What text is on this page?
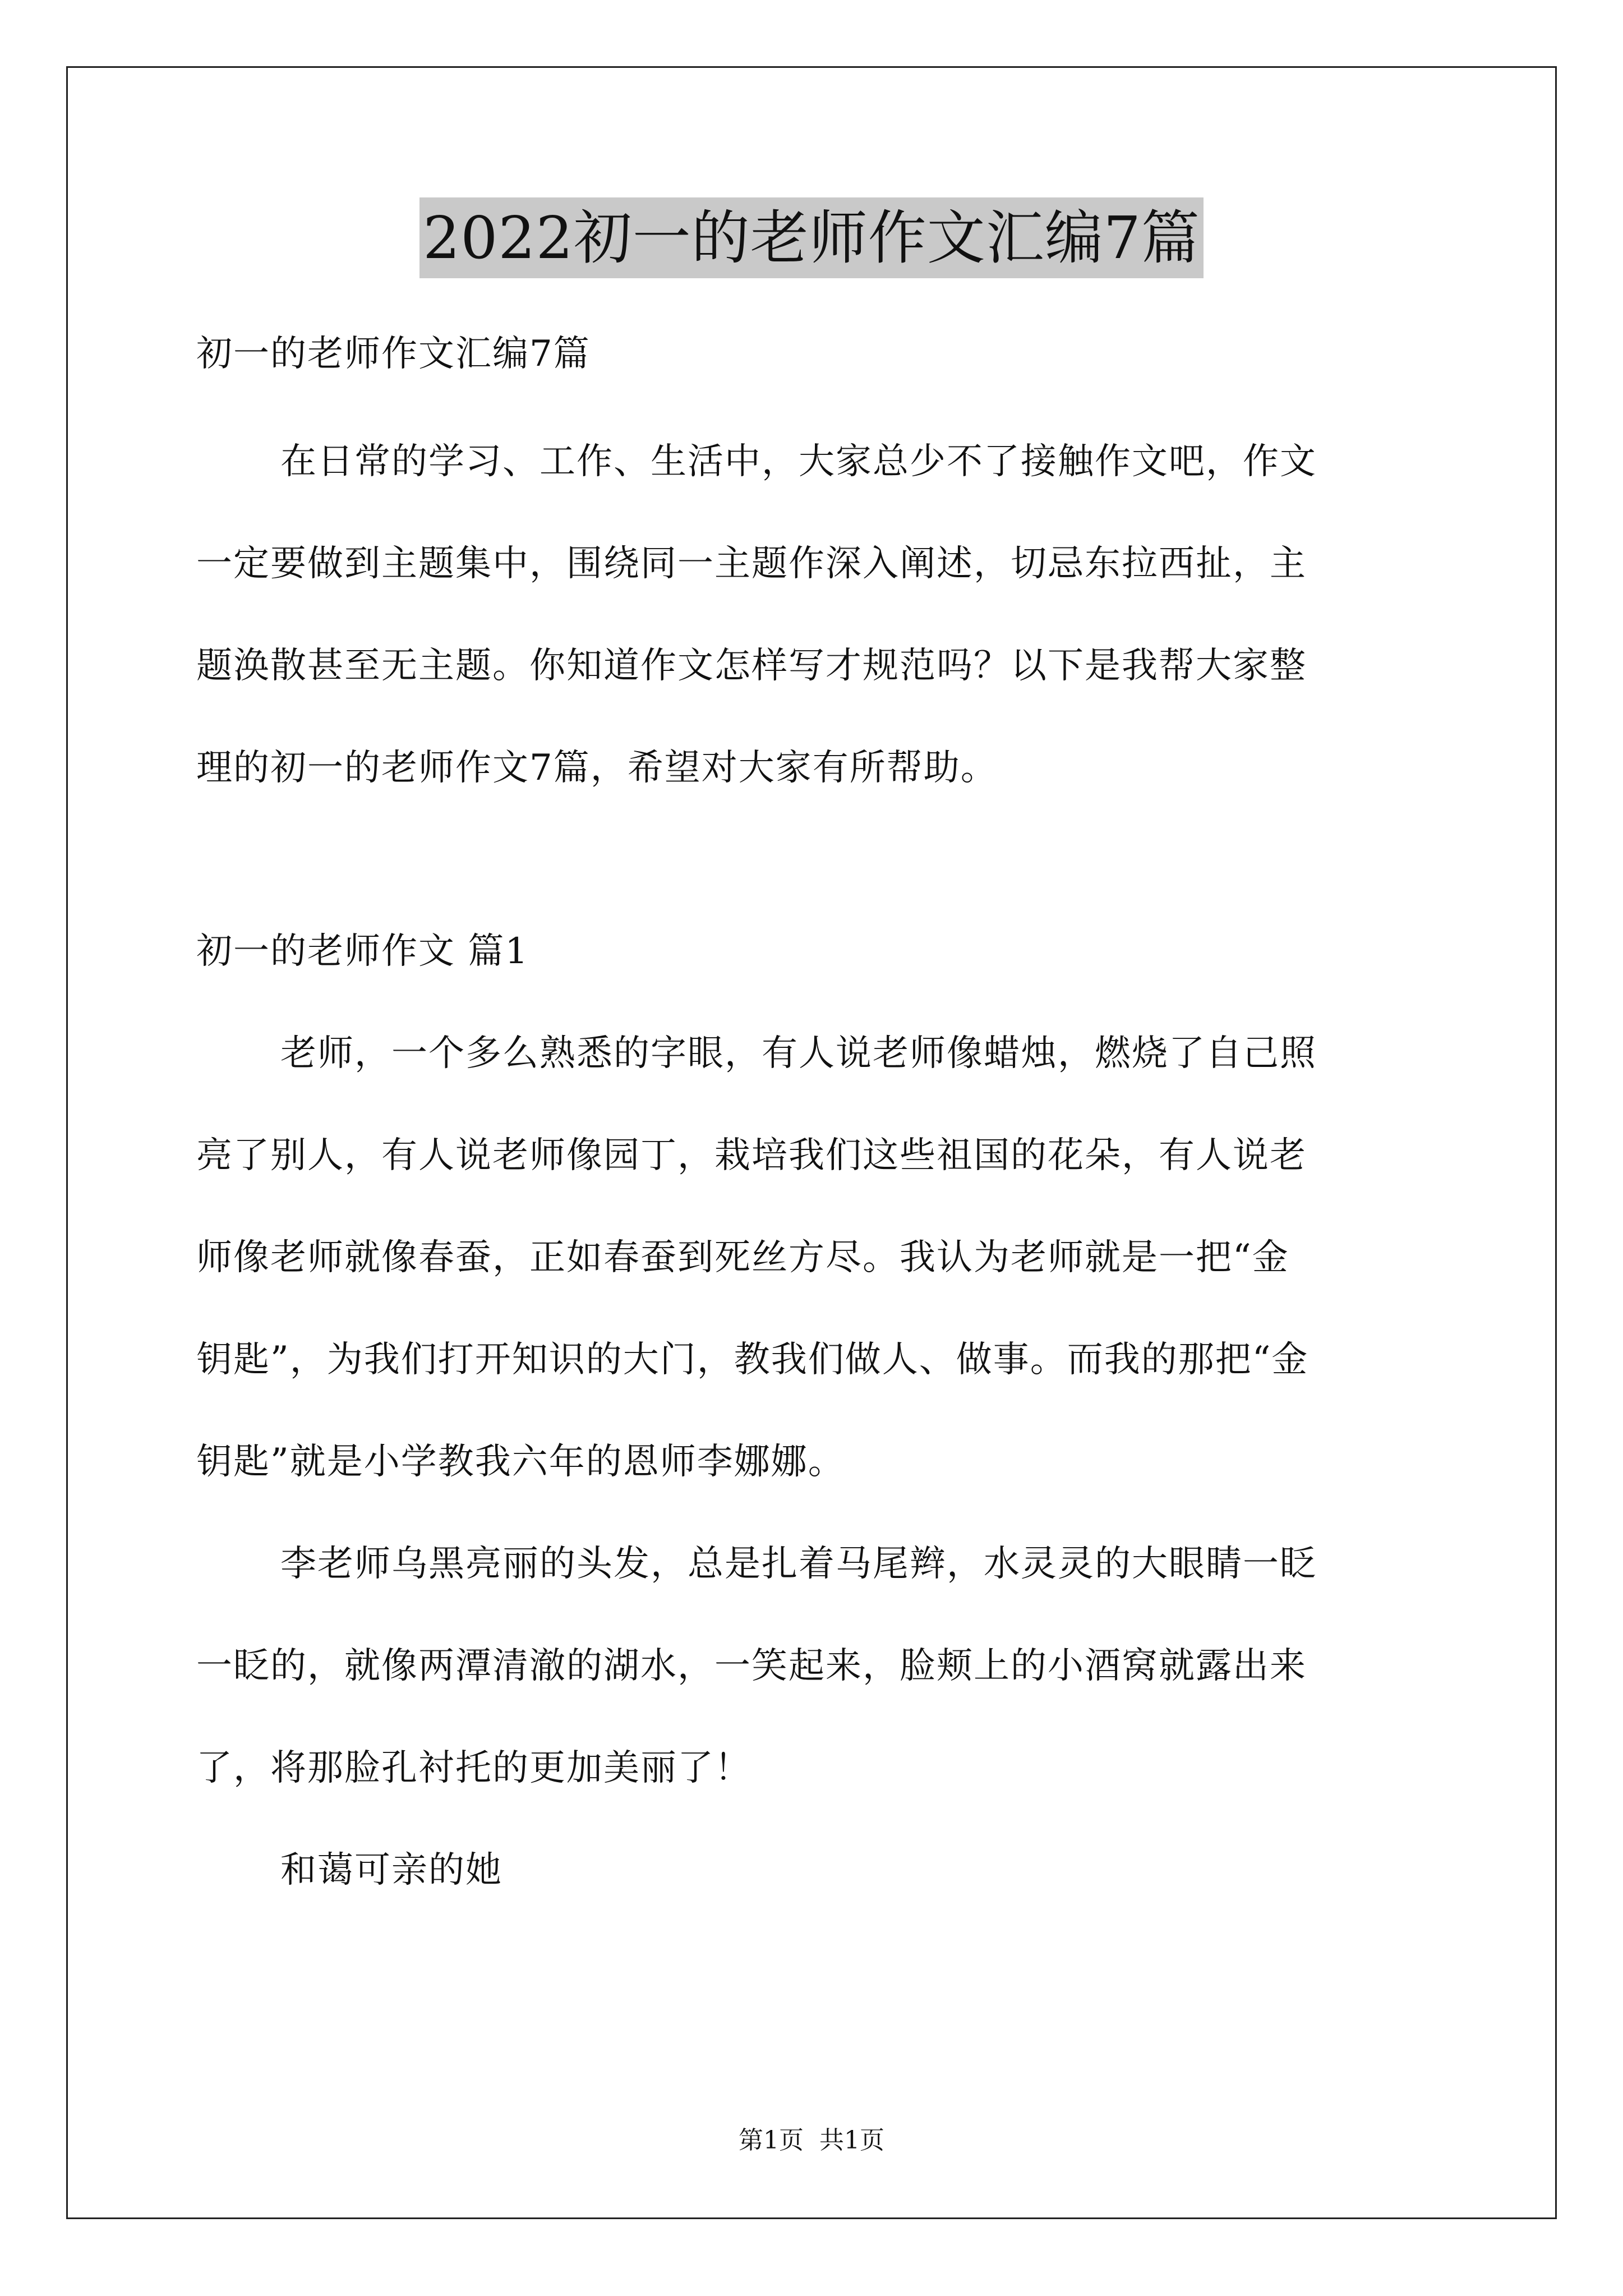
2022初一的老师作文汇编7篇
初一的老师作文汇编7篇
在日常的学习、工作、生活中，大家总少不了接触作文吧，作文
一定要做到主题集中，围绕同一主题作深入阐述，切忌东拉西扯，主
题涣散甚至无主题。你知道作文怎样写才规范吗？以下是我帮大家整
理的初一的老师作文7篇，希望对大家有所帮助。
初一的老师作文 篇1
老师，一个多么熟悉的字眼，有人说老师像蜡烛，燃烧了自己照
亮了别人，有人说老师像园丁，栽培我们这些祖国的花朵，有人说老
师像老师就像春蚕，正如春蚕到死丝方尽。我认为老师就是一把“金
钥匙”，为我们打开知识的大门，教我们做人、做事。而我的那把“金
钥匙”就是小学教我六年的恩师李娜娜。
李老师乌黑亮丽的头发，总是扎着马尾辫，水灵灵的大眼睛一眨
一眨的，就像两潭清澈的湖水，一笑起来，脸颊上的小酒窝就露出来
了，将那脸孔衬托的更加美丽了！
和蔼可亲的她
第1页  共1页
